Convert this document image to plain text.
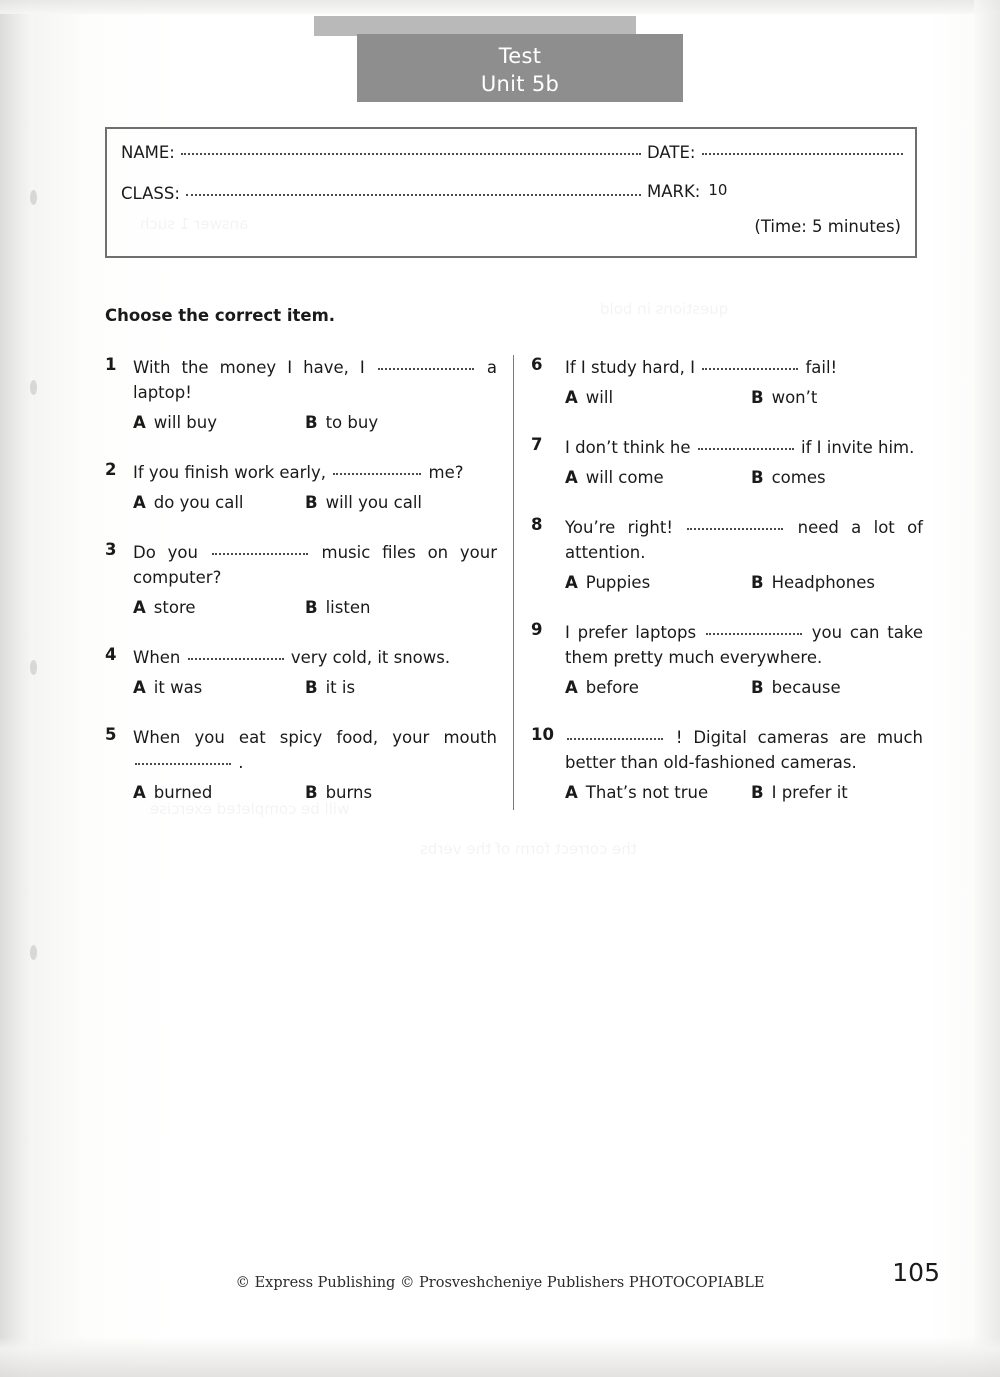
Test
Unit 5b
NAME:
CLASS:
DATE:
MARK: 10
(Time: 5 minutes)
Choose the correct item.
1	With the money I have, I	a laptop!
A will buy	B to buy
2	If you finish work early,	me?
A do you call	B will you call
3	Do you	music files on your computer?
A store	B listen
4	When	very cold, it snows.
A it was	B it is
5	When you eat spicy food, your mouth  .
A burned	B burns
6	If I study hard, I	fail!
A will	B won’t
7	I don’t think he	if I invite him.
A will come	B comes
8	You’re right!	need a lot of attention.
A Puppies	B Headphones
9	I prefer laptops	you can take them pretty much everywhere.
A before	B because
10	! Digital cameras are much better than old-fashioned cameras.
A That’s not true	B I prefer it
© Express Publishing © Prosveshcheniye Publishers PHOTOCOPIABLE	105
